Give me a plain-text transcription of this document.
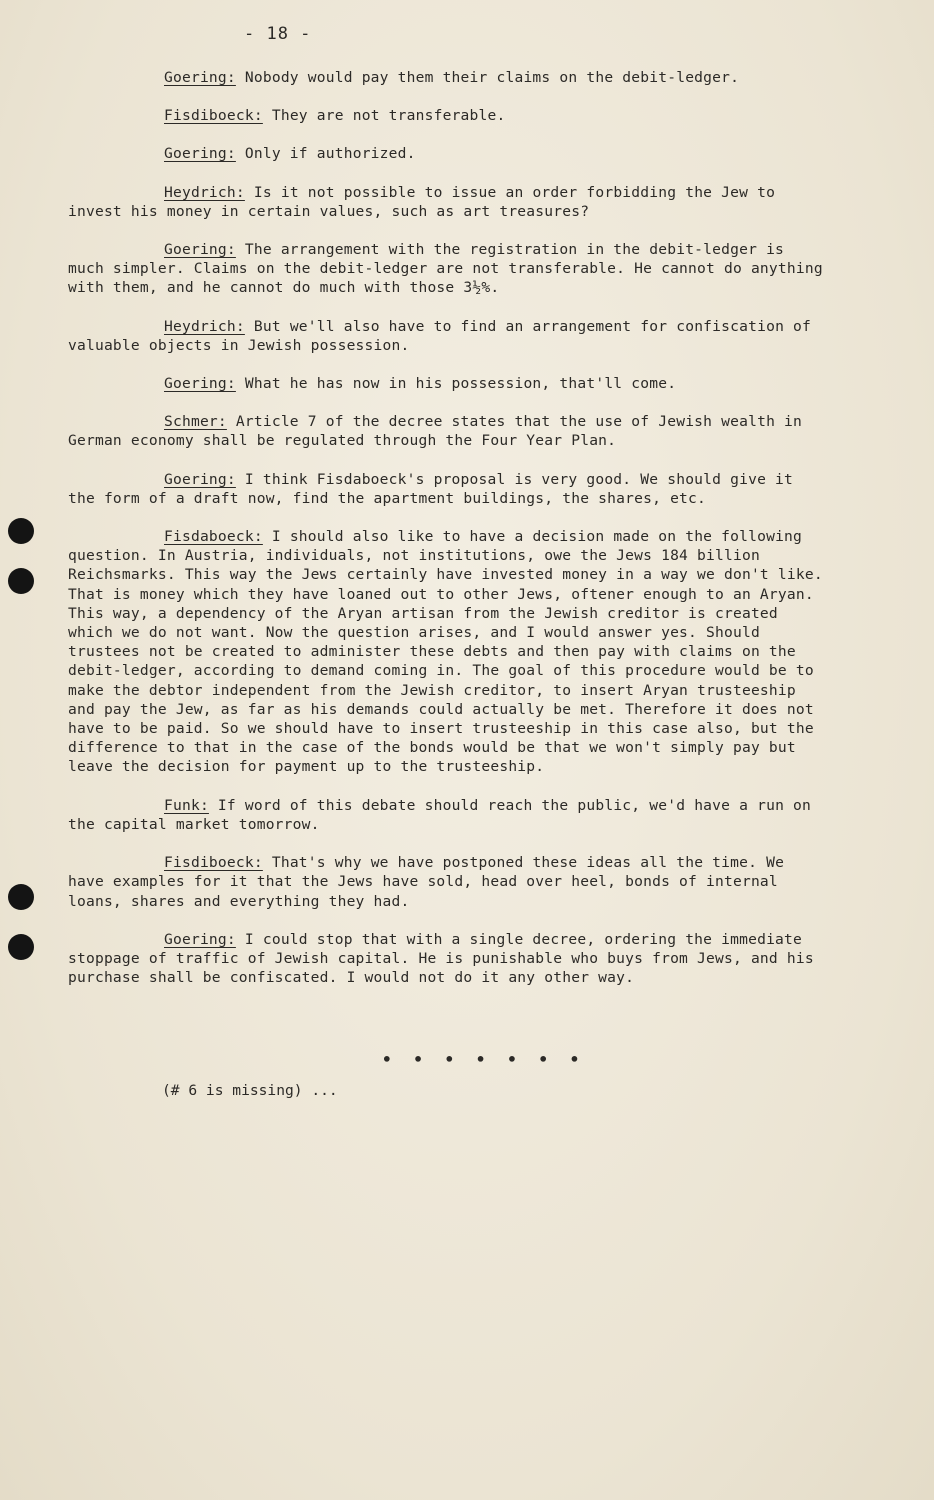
- 18 -

Goering: Nobody would pay them their claims on the debit-ledger.

Fisdiboeck: They are not transferable.

Goering: Only if authorized.

Heydrich: Is it not possible to issue an order forbidding the Jew to invest his money in certain values, such as art treasures?

Goering: The arrangement with the registration in the debit-ledger is much simpler. Claims on the debit-ledger are not transferable. He cannot do anything with them, and he cannot do much with those 3½%.

Heydrich: But we'll also have to find an arrangement for confiscation of valuable objects in Jewish possession.

Goering: What he has now in his possession, that'll come.

Schmer: Article 7 of the decree states that the use of Jewish wealth in German economy shall be regulated through the Four Year Plan.

Goering: I think Fisdaboeck's proposal is very good. We should give it the form of a draft now, find the apartment buildings, the shares, etc.

Fisdaboeck: I should also like to have a decision made on the following question. In Austria, individuals, not institutions, owe the Jews 184 billion Reichsmarks. This way the Jews certainly have invested money in a way we don't like. That is money which they have loaned out to other Jews, oftener enough to an Aryan. This way, a dependency of the Aryan artisan from the Jewish creditor is created which we do not want. Now the question arises, and I would answer yes. Should trustees not be created to administer these debts and then pay with claims on the debit-ledger, according to demand coming in. The goal of this procedure would be to make the debtor independent from the Jewish creditor, to insert Aryan trusteeship and pay the Jew, as far as his demands could actually be met. Therefore it does not have to be paid. So we should have to insert trusteeship in this case also, but the difference to that in the case of the bonds would be that we won't simply pay but leave the decision for payment up to the trusteeship.

Funk: If word of this debate should reach the public, we'd have a run on the capital market tomorrow.

Fisdiboeck: That's why we have postponed these ideas all the time. We have examples for it that the Jews have sold, head over heel, bonds of internal loans, shares and everything they had.

Goering: I could stop that with a single decree, ordering the immediate stoppage of traffic of Jewish capital. He is punishable who buys from Jews, and his purchase shall be confiscated. I would not do it any other way.

• • • • • • •
(# 6 is missing) ...
